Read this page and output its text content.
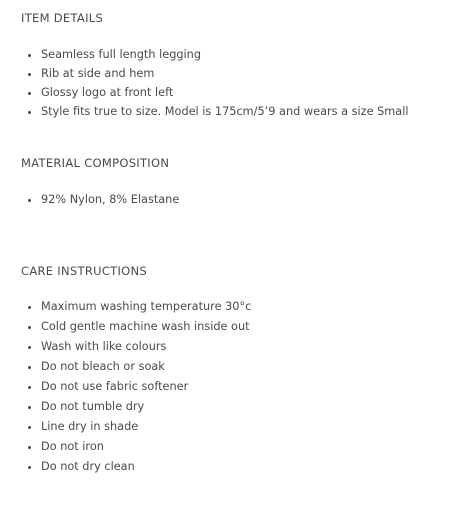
ITEM DETAILS
Seamless full length legging
Rib at side and hem
Glossy logo at front left
Style fits true to size. Model is 175cm/5’9 and wears a size Small
MATERIAL COMPOSITION
92% Nylon, 8% Elastane
CARE INSTRUCTIONS
Maximum washing temperature 30°c
Cold gentle machine wash inside out
Wash with like colours
Do not bleach or soak
Do not use fabric softener
Do not tumble dry
Line dry in shade
Do not iron
Do not dry clean
